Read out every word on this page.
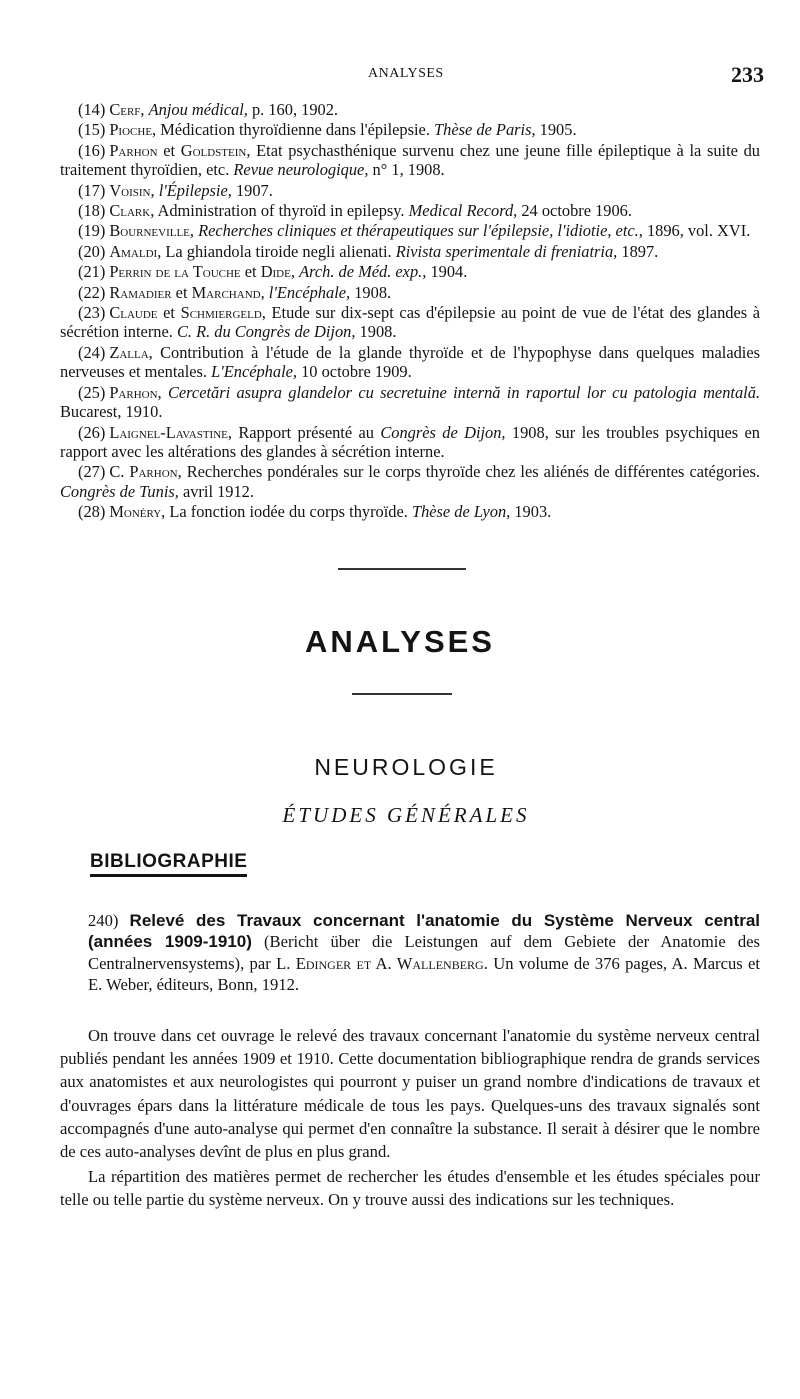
ANALYSES	233

(14) Cerf, Anjou médical, p. 160, 1902.

(15) Pioche, Médication thyroïdienne dans l'épilepsie. Thèse de Paris, 1905.

(16) Parhon et Goldstein, Etat psychasthénique survenu chez une jeune fille épileptique à la suite du traitement thyroïdien, etc. Revue neurologique, n° 1, 1908.

(17) Voisin, l'Épilepsie, 1907.

(18) Clark, Administration of thyroïd in epilepsy. Medical Record, 24 octobre 1906.

(19) Bourneville, Recherches cliniques et thérapeutiques sur l'épilepsie, l'idiotie, etc., 1896, vol. XVI.

(20) Amaldi, La ghiandola tiroide negli alienati. Rivista sperimentale di freniatria, 1897.

(21) Perrin de la Touche et Dide, Arch. de Méd. exp., 1904.

(22) Ramadier et Marchand, l'Encéphale, 1908.

(23) Claude et Schmiergeld, Etude sur dix-sept cas d'épilepsie au point de vue de l'état des glandes à sécrétion interne. C. R. du Congrès de Dijon, 1908.

(24) Zalla, Contribution à l'étude de la glande thyroïde et de l'hypophyse dans quelques maladies nerveuses et mentales. L'Encéphale, 10 octobre 1909.

(25) Parhon, Cercetări asupra glandelor cu secretuine internă in raportul lor cu patologia mentală. Bucarest, 1910.

(26) Laignel-Lavastine, Rapport présenté au Congrès de Dijon, 1908, sur les troubles psychiques en rapport avec les altérations des glandes à sécrétion interne.

(27) C. Parhon, Recherches pondérales sur le corps thyroïde chez les aliénés de différentes catégories. Congrès de Tunis, avril 1912.

(28) Monéry, La fonction iodée du corps thyroïde. Thèse de Lyon, 1903.

ANALYSES
NEUROLOGIE
ÉTUDES GÉNÉRALES
BIBLIOGRAPHIE

240) Relevé des Travaux concernant l'anatomie du Système Nerveux central (années 1909-1910) (Bericht über die Leistungen auf dem Gebiete der Anatomie des Centralnervensystems), par L. Edinger et A. Wallenberg. Un volume de 376 pages, A. Marcus et E. Weber, éditeurs, Bonn, 1912.

On trouve dans cet ouvrage le relevé des travaux concernant l'anatomie du système nerveux central publiés pendant les années 1909 et 1910. Cette documentation bibliographique rendra de grands services aux anatomistes et aux neurologistes qui pourront y puiser un grand nombre d'indications de travaux et d'ouvrages épars dans la littérature médicale de tous les pays. Quelques-uns des travaux signalés sont accompagnés d'une auto-analyse qui permet d'en connaître la substance. Il serait à désirer que le nombre de ces auto-analyses devînt de plus en plus grand.

La répartition des matières permet de rechercher les études d'ensemble et les études spéciales pour telle ou telle partie du système nerveux. On y trouve aussi des indications sur les techniques.
